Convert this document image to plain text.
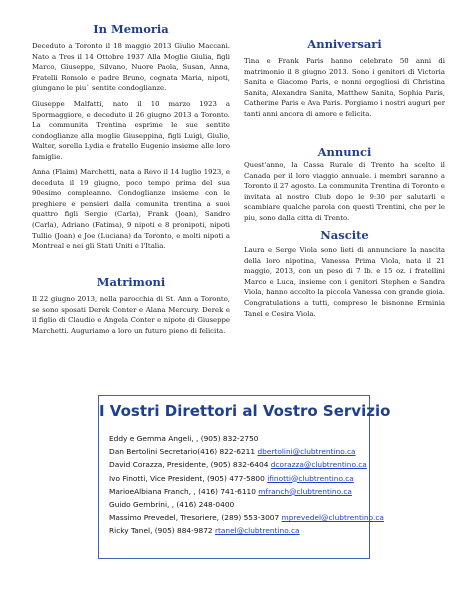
In Memoria

Deceduto a Toronto il 18 maggio 2013 Giulio Maccani. Nato a Tres il 14 Ottobre 1937 Alla Moglie Giulia, figli Marco, Giuseppe, Silvano, Nuore Paola, Susan, Anna, Fratelli Romolo e padre Bruno, cognata Maria, nipoti, giungano le piu` sentite condoglianze.

Giuseppe Malfatti, nato il 10 marzo 1923 a Spormaggiore, e deceduto il 26 giugno 2013 a Toronto. La communita Trentina esprime le sue sentite condoglianze alla moglie Giuseppina, figli Luigi, Giulio, Walter, sorella Lydia e fratello Eugenio insieme alle loro famiglie.

Anna (Flaim) Marchetti, nata a Revo il 14 luglio 1923, e deceduta il 19 giugno, poco tempo prima del sua 90esimo compleanno. Condoglianze insieme con le preghiere e pensieri dalla comunita trentina a suoi quattro figli Sergio (Carla), Frank (Joan), Sandro (Carla), Adriano (Fatima), 9 nipoti e 8 pronipoti, nipoti Tullio (Joan) e Joe (Luciana) da Toronto, e molti nipoti a Montreal e nei gli Stati Uniti e l'Italia.

Matrimoni

Il 22 giugno 2013, nella parocchia di St. Ann a Toronto, se sono sposati Derek Conter e Alana Mercury. Derek e il figlio di Claudio e Angela Conter e nipote di Giuseppe Marchetti. Auguriamo a loro un futuro pieno di felicita.

Anniversari

Tina e Frank Paris hanno celebrato 50 anni di matrimonio il 8 giugno 2013. Sono i genitori di Victoria Sanita e Giacomo Paris, e nonni orgogliosi di Christina Sanita, Alexandra Sanita, Matthew Sanita, Sophia Paris, Catherine Paris e Ava Paris. Porgiamo i nostri auguri per tanti anni ancora di amore e felicita.

Annunci

Quest'anno, la Cassa Rurale di Trento ha scelto il Canada per il loro viaggio annuale. i membri saranno a Toronto il 27 agosto. La communita Trentina di Toronto e invitata al nostro Club dopo le 9:30 per salutarli e scambiare qualche parola con questi Trentini, che per le piu, sono dalla citta di Trento.

Nascite

Laura e Serge Viola sono lieti di annunciare la nascita della loro nipotina, Vanessa Prima Viola, nata il 21 maggio, 2013, con un peso di 7 lb. e 15 oz. i fratellini Marco e Luca, insieme con i genitori Stephen e Sandra Viola, hanno accolto la piccola Vanessa con grande gioia. Congratulations a tutti, compreso le bisnonne Erminia Tanel e Cesira Viola.

I Vostri Direttori al Vostro Servizio
Eddy e Gemma Angeli, , (905) 832-2750
Dan Bertolini Secretario(416) 822-6211 dbertolini@clubtrentino.ca
David Corazza, Presidente, (905) 832-6404 dcorazza@clubtrentino.ca
Ivo Finotti, Vice President, (905) 477-5800 ifinotti@clubtrentino.ca
MarioeAlbiana Franch, , (416) 741-6110 mfranch@clubtrentino.ca
Guido Gembrini, , (416) 248-0400
Massimo Prevedel, Tresoriere, (289) 553-3007 mprevedel@clubtrentino.ca
Ricky Tanel, (905) 884-9872 rtanel@clubtrentino.ca
